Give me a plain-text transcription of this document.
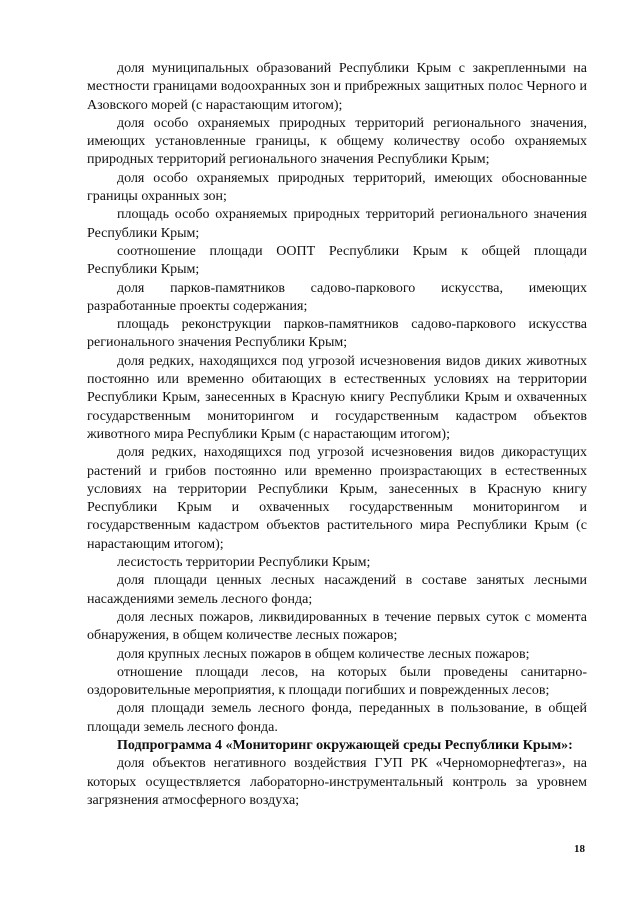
доля муниципальных образований Республики Крым с закрепленными на местности границами водоохранных зон и прибрежных защитных полос Черного и Азовского морей (с нарастающим итогом);

доля особо охраняемых природных территорий регионального значения, имеющих установленные границы, к общему количеству особо охраняемых природных территорий регионального значения Республики Крым;

доля особо охраняемых природных территорий, имеющих обоснованные границы охранных зон;

площадь особо охраняемых природных территорий регионального значения Республики Крым;

соотношение площади ООПТ Республики Крым к общей площади Республики Крым;

доля парков-памятников садово-паркового искусства, имеющих разработанные проекты содержания;

площадь реконструкции парков-памятников садово-паркового искусства регионального значения Республики Крым;

доля редких, находящихся под угрозой исчезновения видов диких животных постоянно или временно обитающих в естественных условиях на территории Республики Крым, занесенных в Красную книгу Республики Крым и охваченных государственным мониторингом и государственным кадастром объектов животного мира Республики Крым (с нарастающим итогом);

доля редких, находящихся под угрозой исчезновения видов дикорастущих растений и грибов постоянно или временно произрастающих в естественных условиях на территории Республики Крым, занесенных в Красную книгу Республики Крым и охваченных государственным мониторингом и государственным кадастром объектов растительного мира Республики Крым (с нарастающим итогом);

лесистость территории Республики Крым;

доля площади ценных лесных насаждений в составе занятых лесными насаждениями земель лесного фонда;

доля лесных пожаров, ликвидированных в течение первых суток с момента обнаружения, в общем количестве лесных пожаров;

доля крупных лесных пожаров в общем количестве лесных пожаров;

отношение площади лесов, на которых были проведены санитарно-оздоровительные мероприятия, к площади погибших и поврежденных лесов;

доля площади земель лесного фонда, переданных в пользование, в общей площади земель лесного фонда.

Подпрограмма 4 «Мониторинг окружающей среды Республики Крым»:

доля объектов негативного воздействия ГУП РК «Черноморнефтегаз», на которых осуществляется лабораторно-инструментальный контроль за уровнем загрязнения атмосферного воздуха;

18
